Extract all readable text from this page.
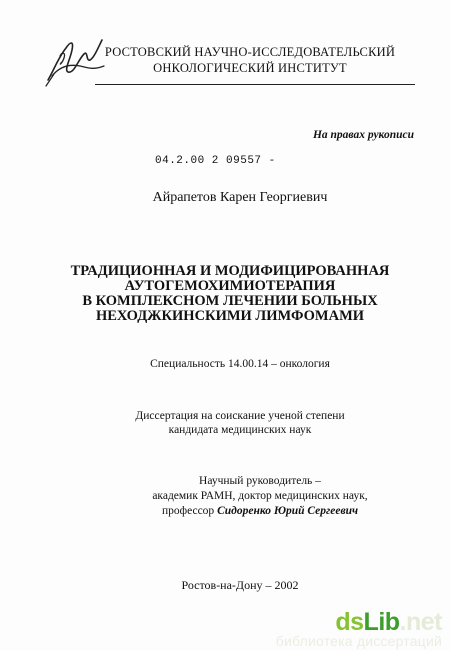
РОСТОВСКИЙ НАУЧНО-ИССЛЕДОВАТЕЛЬСКИЙ
ОНКОЛОГИЧЕСКИЙ ИНСТИТУТ
На правах рукописи
04.2.00 2 09557 -
Айрапетов Карен Георгиевич
ТРАДИЦИОННАЯ И МОДИФИЦИРОВАННАЯ
АУТОГЕМОХИМИОТЕРАПИЯ
В КОМПЛЕКСНОМ ЛЕЧЕНИИ БОЛЬНЫХ
НЕХОДЖКИНСКИМИ ЛИМФОМАМИ
Специальность 14.00.14 – онкология
Диссертация на соискание ученой степени
кандидата медицинских наук
Научный руководитель –
академик РАМН, доктор медицинских наук,
профессор Сидоренко Юрий Сергеевич
Ростов-на-Дону – 2002
dsLib.net
библиотека диссертаций
